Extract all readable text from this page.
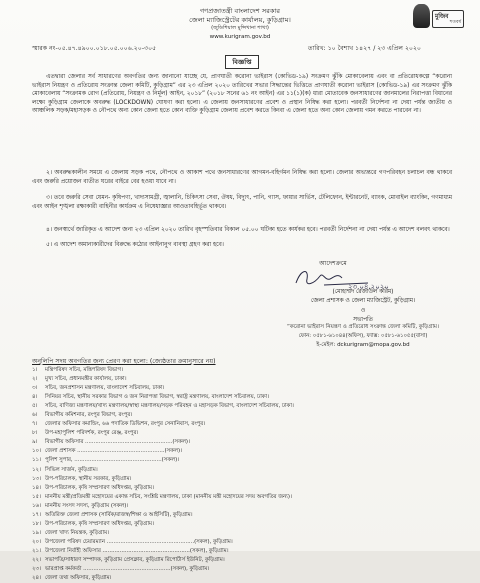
মুজিব
শতবর্ষ
গণপ্রজাতন্ত্রী বাংলাদেশ সরকার
জেলা ম্যাজিস্ট্রেটের কার্যালয়, কুড়িগ্রাম।
(জুডিশিয়াল মুন্সিখানা শাখা)
www.kurigram.gov.bd
স্মারক নং-০৫.৪৭.৪৯০০.০১৮.০৫.০০৬.২০-৩০৫	তারিখ: ১০ বৈশাখ ১৪২৭ / ২৩ এপ্রিল ২০২০
বিজ্ঞপ্তি
এতদ্বারা জেলার সর্ব সাধারণের অবগতির জন্য জানানো যাচ্ছে যে, প্রাণঘাতী করোনা ভাইরাস (কোভিড-১৯) সংক্রমণ ঝুঁকি মোকাবেলায় এবং বা প্রতিরোধকল্পে “করোনা ভাইরাস নিয়ন্ত্রণ ও প্রতিরোধ সংক্রান্ত জেলা কমিটি, কুড়িগ্রাম” এর ২৩ এপ্রিল ২০২০ তারিখের সভার সিদ্ধান্তের ভিত্তিতে প্রাণঘাতী করোনা ভাইরাস (কোভিড-১৯) এর সংক্রমণ ঝুঁকি মোকাবেলায় “সংক্রামক রোগ (প্রতিরোধ, নিয়ন্ত্রণ ও নির্মূল) আইন, ২০১৮” (২০১৮ সনের ৬১ নং আইন) এর ১১(১)(ক) ধারা মোতাবেক জনসাধারণের জানমালের নিরাপত্তা বিধানের লক্ষ্যে কুড়িগ্রাম জেলাকে অবরুদ্ধ (LOCKDOWN) ঘোষণা করা হলো। এ জেলায় জনসাধারণের প্রবেশ ও প্রস্থান নিষিদ্ধ করা হলো। পরবর্তী নির্দেশনা না দেয়া পর্যন্ত জাতীয় ও আঞ্চলিক সড়ক/মহাসড়ক ও নৌপথে অন্য কোন জেলা হতে কোন ব্যক্তি কুড়িগ্রাম জেলায় প্রবেশ করতে কিংবা এ জেলা হতে অন্য কোন জেলায় গমন করতে পারবেন না।
২। অবরুদ্ধকালীন সময়ে এ জেলায় সড়ক পথে, নৌপথে ও আকাশ পথে জনসাধারণের আগমন-বহির্গমন নিষিদ্ধ করা হলো। জেলার অভ্যন্তরে গণপরিবহন চলাচল বন্ধ থাকবে এবং জরুরি প্রয়োজন ব্যতীত ঘরের বাইরে বের হওয়া যাবে না।
৩। তবে জরুরি সেবা যেমন- কৃষিপণ্য, খাদ্যসামগ্রী, জ্বালানি, চিকিৎসা সেবা, ঔষধ, বিদ্যুৎ, পানি, গ্যাস, ফায়ার সার্ভিস, টেলিফোন, ইন্টারনেট, ব্যাংক, মোবাইল ব্যাংকিং, গণমাধ্যম এবং আইন শৃঙ্খলা রক্ষাকারী বাহিনীর কার্যক্রম এ নিষেধাজ্ঞার আওতাবহির্ভূত থাকবে।
৪। জনস্বার্থে জারিকৃত এ আদেশ জনা ২৩ এপ্রিল ২০২০ তারিখ বৃহস্পতিবার বিকাল ০৫.০০ ঘটিকা হতে কার্যকর হবে। পরবর্তী নির্দেশনা না দেয়া পর্যন্ত এ আদেশ বলবৎ থাকবে।
৫। এ আদেশ অমান্যকারীদের বিরুদ্ধে কঠোর আইনানুগ ব্যবস্থা গ্রহণ করা হবে।
আদেশক্রমে
২৩.০৪.২০২০
(মোহাম্মদ রেজাউল করিম)
জেলা প্রশাসক ও জেলা ম্যাজিস্ট্রেট, কুড়িগ্রাম।
ও
সভাপতি
“করোনা ভাইরাস নিয়ন্ত্রণ ও প্রতিরোধ সংক্রান্ত জেলা কমিটি, কুড়িগ্রাম।
ফোন: ০৫৮১-৬১০৪৪(অফিস), ফ্যাক্স: ০৫৮১-৬১০৫৫(বাসা)
ই-মেইল: dckurigram@mopa.gov.bd
অনুলিপি সদয় অবগতির জন্য প্রেরণ করা হলো: (জ্যেষ্ঠতার ক্রমানুসারে নয়)
১। মন্ত্রিপরিষদ সচিব, মন্ত্রিপরিষদ বিভাগ।
২। মুখ্য সচিব, প্রধানমন্ত্রীর কার্যালয়, ঢাকা।
৩। সচিব, জনপ্রশাসন মন্ত্রণালয়, বাংলাদেশ সচিবালয়, ঢাকা।
৪। সিনিয়র সচিব, স্থানীয় সরকার বিভাগ ও জন নিরাপত্তা বিভাগ, স্বরাষ্ট্র মন্ত্রণালয়, বাংলাদেশ সচিবালয়, ঢাকা।
৫। সচিব, বাণিজ্য মন্ত্রণালয়/খাদ্য মন্ত্রণালয়/স্বাস্থ্য মন্ত্রণালয়/সড়ক পরিবহন ও মহাসড়ক বিভাগ, বাংলাদেশ সচিবালয়, ঢাকা।
৬। বিভাগীয় কমিশনার, রংপুর বিভাগ, রংপুর।
৭। জেলার অফিসার কমান্ডিং, ৬৬ পদাতিক ডিভিশন, রংপুর সেনানিবাস, রংপুর।
৮। উপ-মহাপুলিশ পরিদর্শক, রংপুর রেঞ্জ, রংপুর।
৯। বিভাগীয় অফিসার ...................................................(সকল)।
১০। জেলা প্রশাসক ...................................................(সকল)।
১১। পুলিশ সুপার, ...................................................(সকল)।
১২। সিভিল সার্জন, কুড়িগ্রাম।
১৩। উপ-পরিচালক, স্থানীয় সরকার, কুড়িগ্রাম।
১৪। উপ-পরিচালক, কৃষি সম্প্রসারণ অধিদপ্তর, কুড়িগ্রাম।
১৫। মাননীয় মন্ত্রী/প্রতিমন্ত্রী মহোদয়ের একান্ত সচিব, সংশ্লিষ্ট মন্ত্রণালয়, ঢাকা (মাননীয় মন্ত্রী মহোদয়ের সদয় অবগতির জন্য)।
১৬। মাননীয় সংসদ সদস্য, কুড়িগ্রাম (সকল)।
১৭। অতিরিক্ত জেলা প্রশাসক (সার্বিক/রাজস্ব/শিক্ষা ও আইসিটি), কুড়িগ্রাম।
১৮। উপ-পরিচালক, কৃষি সম্প্রসারণ অধিদপ্তর, কুড়িগ্রাম।
১৯। জেলা খাদ্য নিয়ন্ত্রক, কুড়িগ্রাম।
২০। উপজেলা পরিষদ চেয়ারম্যান ...................................................(সকল), কুড়িগ্রাম।
২১। উপজেলা নির্বাহী অফিসার ...................................................(সকল), কুড়িগ্রাম।
২২। সভাপতি/সাধারণ সম্পাদক, কুড়িগ্রাম প্রেসক্লাব, কুড়িগ্রাম রিপোর্টার্স ইউনিট, কুড়িগ্রাম।
২৩। ভারপ্রাপ্ত কর্মকর্তা ...................................................(সকল), কুড়িগ্রাম।
২৪। জেলা তথ্য অফিসার, কুড়িগ্রাম।
